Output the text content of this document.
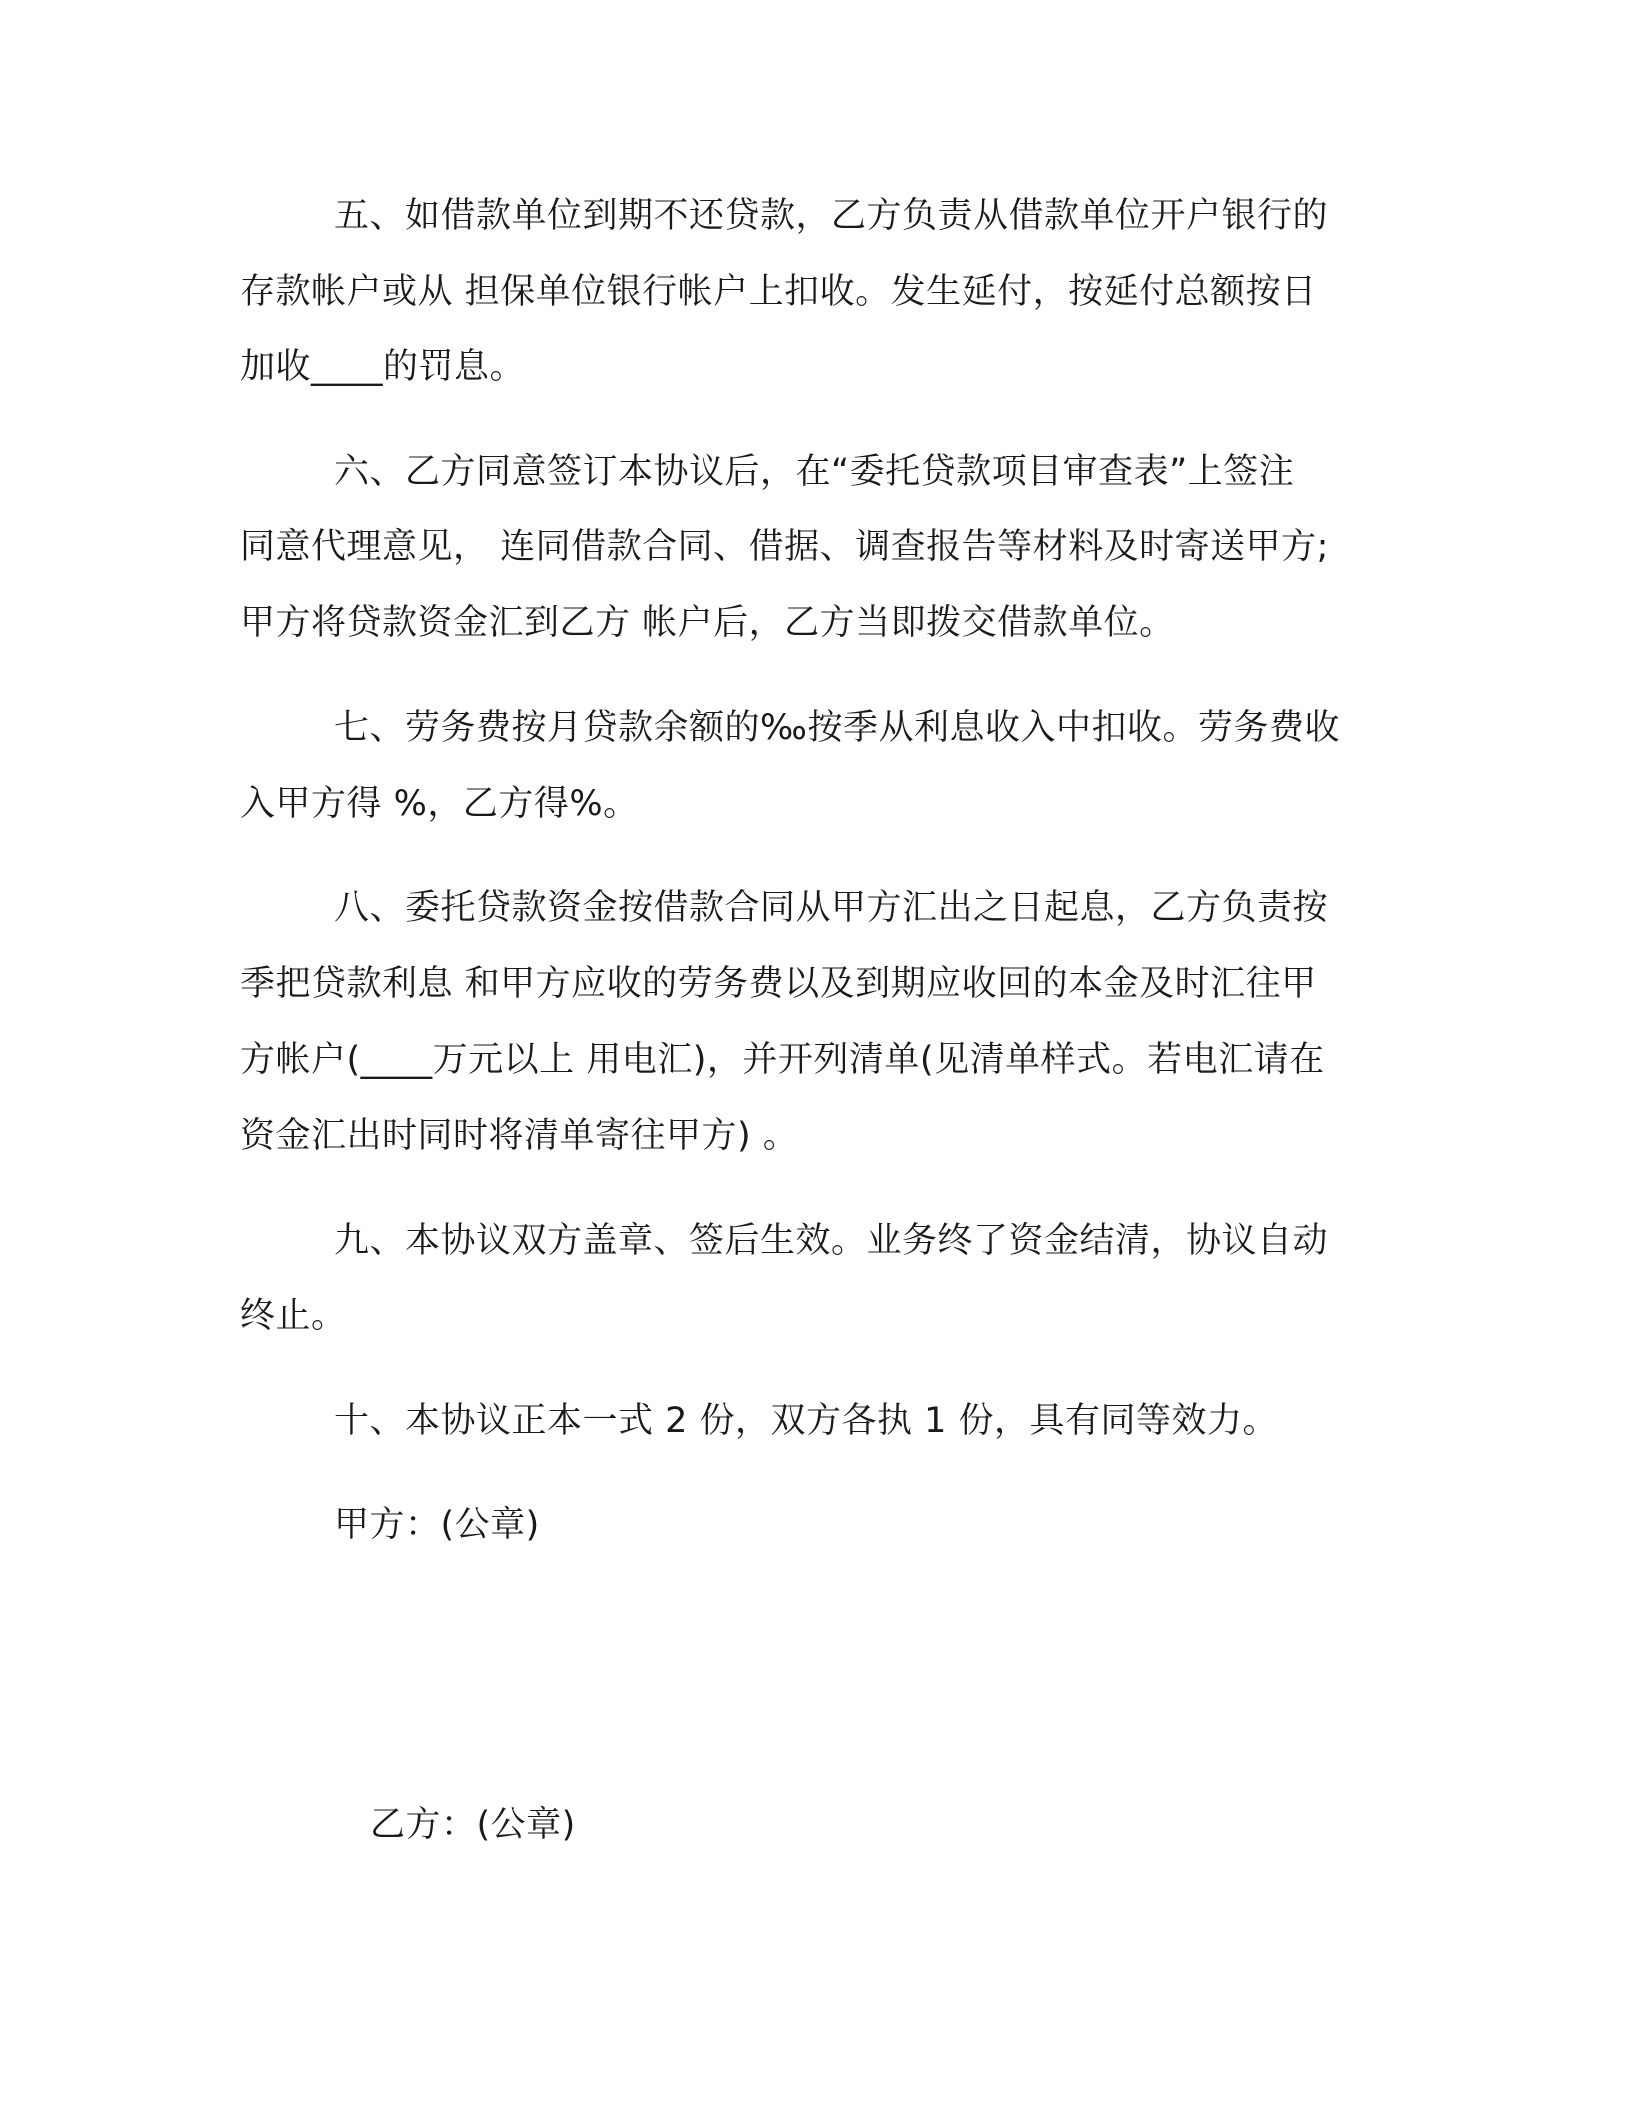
五、如借款单位到期不还贷款，乙方负责从借款单位开户银行的
存款帐户或从 担保单位银行帐户上扣收。发生延付，按延付总额按日
加收____的罚息。
六、乙方同意签订本协议后，在“委托贷款项目审查表”上签注
同意代理意见， 连同借款合同、借据、调查报告等材料及时寄送甲方;
甲方将贷款资金汇到乙方 帐户后，乙方当即拨交借款单位。
七、劳务费按月贷款余额的‰按季从利息收入中扣收。劳务费收
入甲方得 %，乙方得%。
八、委托贷款资金按借款合同从甲方汇出之日起息，乙方负责按
季把贷款利息 和甲方应收的劳务费以及到期应收回的本金及时汇往甲
方帐户(____万元以上 用电汇)，并开列清单(见清单样式。若电汇请在
资金汇出时同时将清单寄往甲方) 。
九、本协议双方盖章、签后生效。业务终了资金结清，协议自动
终止。
十、本协议正本一式 2 份，双方各执 1 份，具有同等效力。
甲方：(公章)
乙方：(公章)
